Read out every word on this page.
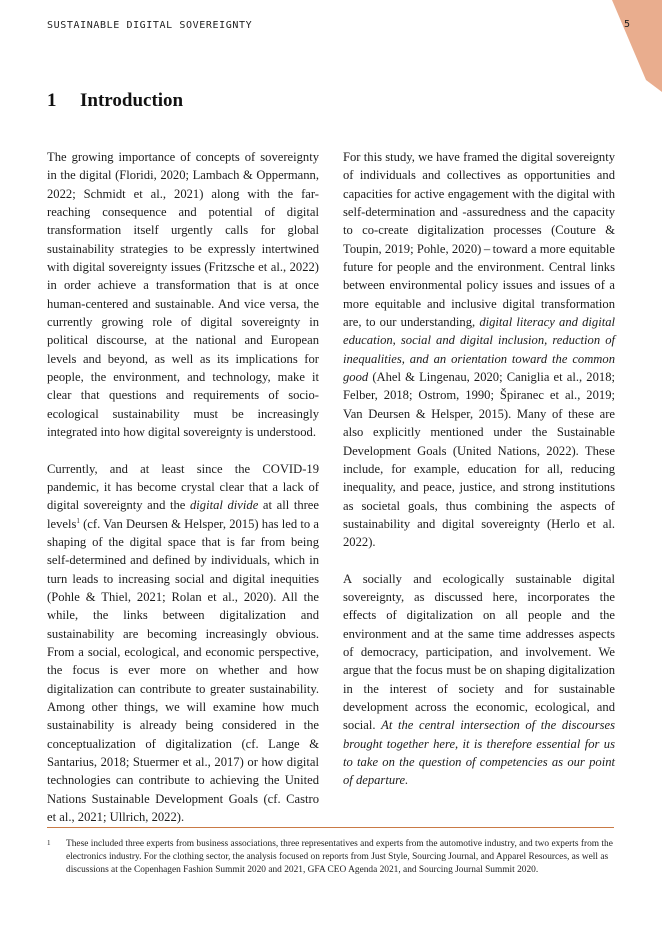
SUSTAINABLE DIGITAL SOVEREIGNTY	5
1 Introduction

The growing importance of concepts of sovereignty in the digital (Floridi, 2020; Lambach & Oppermann, 2022; Schmidt et al., 2021) along with the far-reaching consequence and potential of digital transformation itself urgently calls for global sustainability strategies to be expressly intertwined with digital sovereignty issues (Fritzsche et al., 2022) in order achieve a transformation that is at once human-centered and sustainable. And vice versa, the currently growing role of digital sovereignty in political discourse, at the national and European levels and beyond, as well as its implications for people, the environment, and technology, make it clear that questions and requirements of socio-ecological sustainability must be increasingly integrated into how digital sovereignty is understood.

Currently, and at least since the COVID-19 pandemic, it has become crystal clear that a lack of digital sovereignty and the digital divide at all three levels$^1$ (cf. Van Deursen & Helsper, 2015) has led to a shaping of the digital space that is far from being self-determined and defined by individuals, which in turn leads to increasing social and digital inequities (Pohle & Thiel, 2021; Rolan et al., 2020). All the while, the links between digitalization and sustainability are becoming increasingly obvious. From a social, ecological, and economic perspective, the focus is ever more on whether and how digitalization can contribute to greater sustainability. Among other things, we will examine how much sustainability is already being considered in the conceptualization of digitalization (cf. Lange & Santarius, 2018; Stuermer et al., 2017) or how digital technologies can contribute to achieving the United Nations Sustainable Development Goals (cf. Castro et al., 2021; Ullrich, 2022).

For this study, we have framed the digital sovereignty of individuals and collectives as opportunities and capacities for active engagement with the digital with self-determination and -assuredness and the capacity to co-create digitalization processes (Couture & Toupin, 2019; Pohle, 2020) – toward a more equitable future for people and the environment. Central links between environmental policy issues and issues of a more equitable and inclusive digital transformation are, to our understanding, digital literacy and digital education, social and digital inclusion, reduction of inequalities, and an orientation toward the common good (Ahel & Lingenau, 2020; Caniglia et al., 2018; Felber, 2018; Ostrom, 1990; Špiranec et al., 2019; Van Deursen & Helsper, 2015). Many of these are also explicitly mentioned under the Sustainable Development Goals (United Nations, 2022). These include, for example, education for all, reducing inequality, and peace, justice, and strong institutions as societal goals, thus combining the aspects of sustainability and digital sovereignty (Herlo et al. 2022).

A socially and ecologically sustainable digital sovereignty, as discussed here, incorporates the effects of digitalization on all people and the environment and at the same time addresses aspects of democracy, participation, and involvement. We argue that the focus must be on shaping digitalization in the interest of society and for sustainable development across the economic, ecological, and social. At the central intersection of the discourses brought together here, it is therefore essential for us to take on the question of competencies as our point of departure.

1 These included three experts from business associations, three representatives and experts from the automotive industry, and two experts from the electronics industry. For the clothing sector, the analysis focused on reports from Just Style, Sourcing Journal, and Apparel Resources, as well as discussions at the Copenhagen Fashion Summit 2020 and 2021, GFA CEO Agenda 2021, and Sourcing Journal Summit 2020.
